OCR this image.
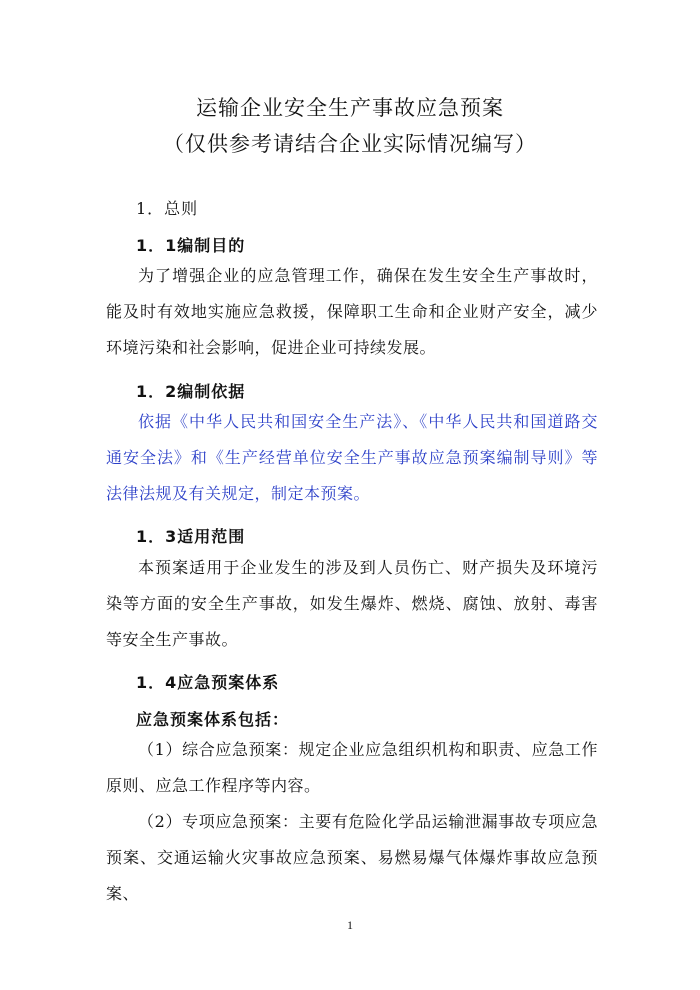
运输企业安全生产事故应急预案
（仅供参考请结合企业实际情况编写）
1．总则
1．1编制目的
为了增强企业的应急管理工作，确保在发生安全生产事故时，能及时有效地实施应急救援，保障职工生命和企业财产安全，减少环境污染和社会影响，促进企业可持续发展。
1．2编制依据
依据《中华人民共和国安全生产法》、《中华人民共和国道路交通安全法》和《生产经营单位安全生产事故应急预案编制导则》等法律法规及有关规定，制定本预案。
1．3适用范围
本预案适用于企业发生的涉及到人员伤亡、财产损失及环境污染等方面的安全生产事故，如发生爆炸、燃烧、腐蚀、放射、毒害等安全生产事故。
1．4应急预案体系
应急预案体系包括：
（1）综合应急预案：规定企业应急组织机构和职责、应急工作原则、应急工作程序等内容。
（2）专项应急预案：主要有危险化学品运输泄漏事故专项应急预案、交通运输火灾事故应急预案、易燃易爆气体爆炸事故应急预案、
1
